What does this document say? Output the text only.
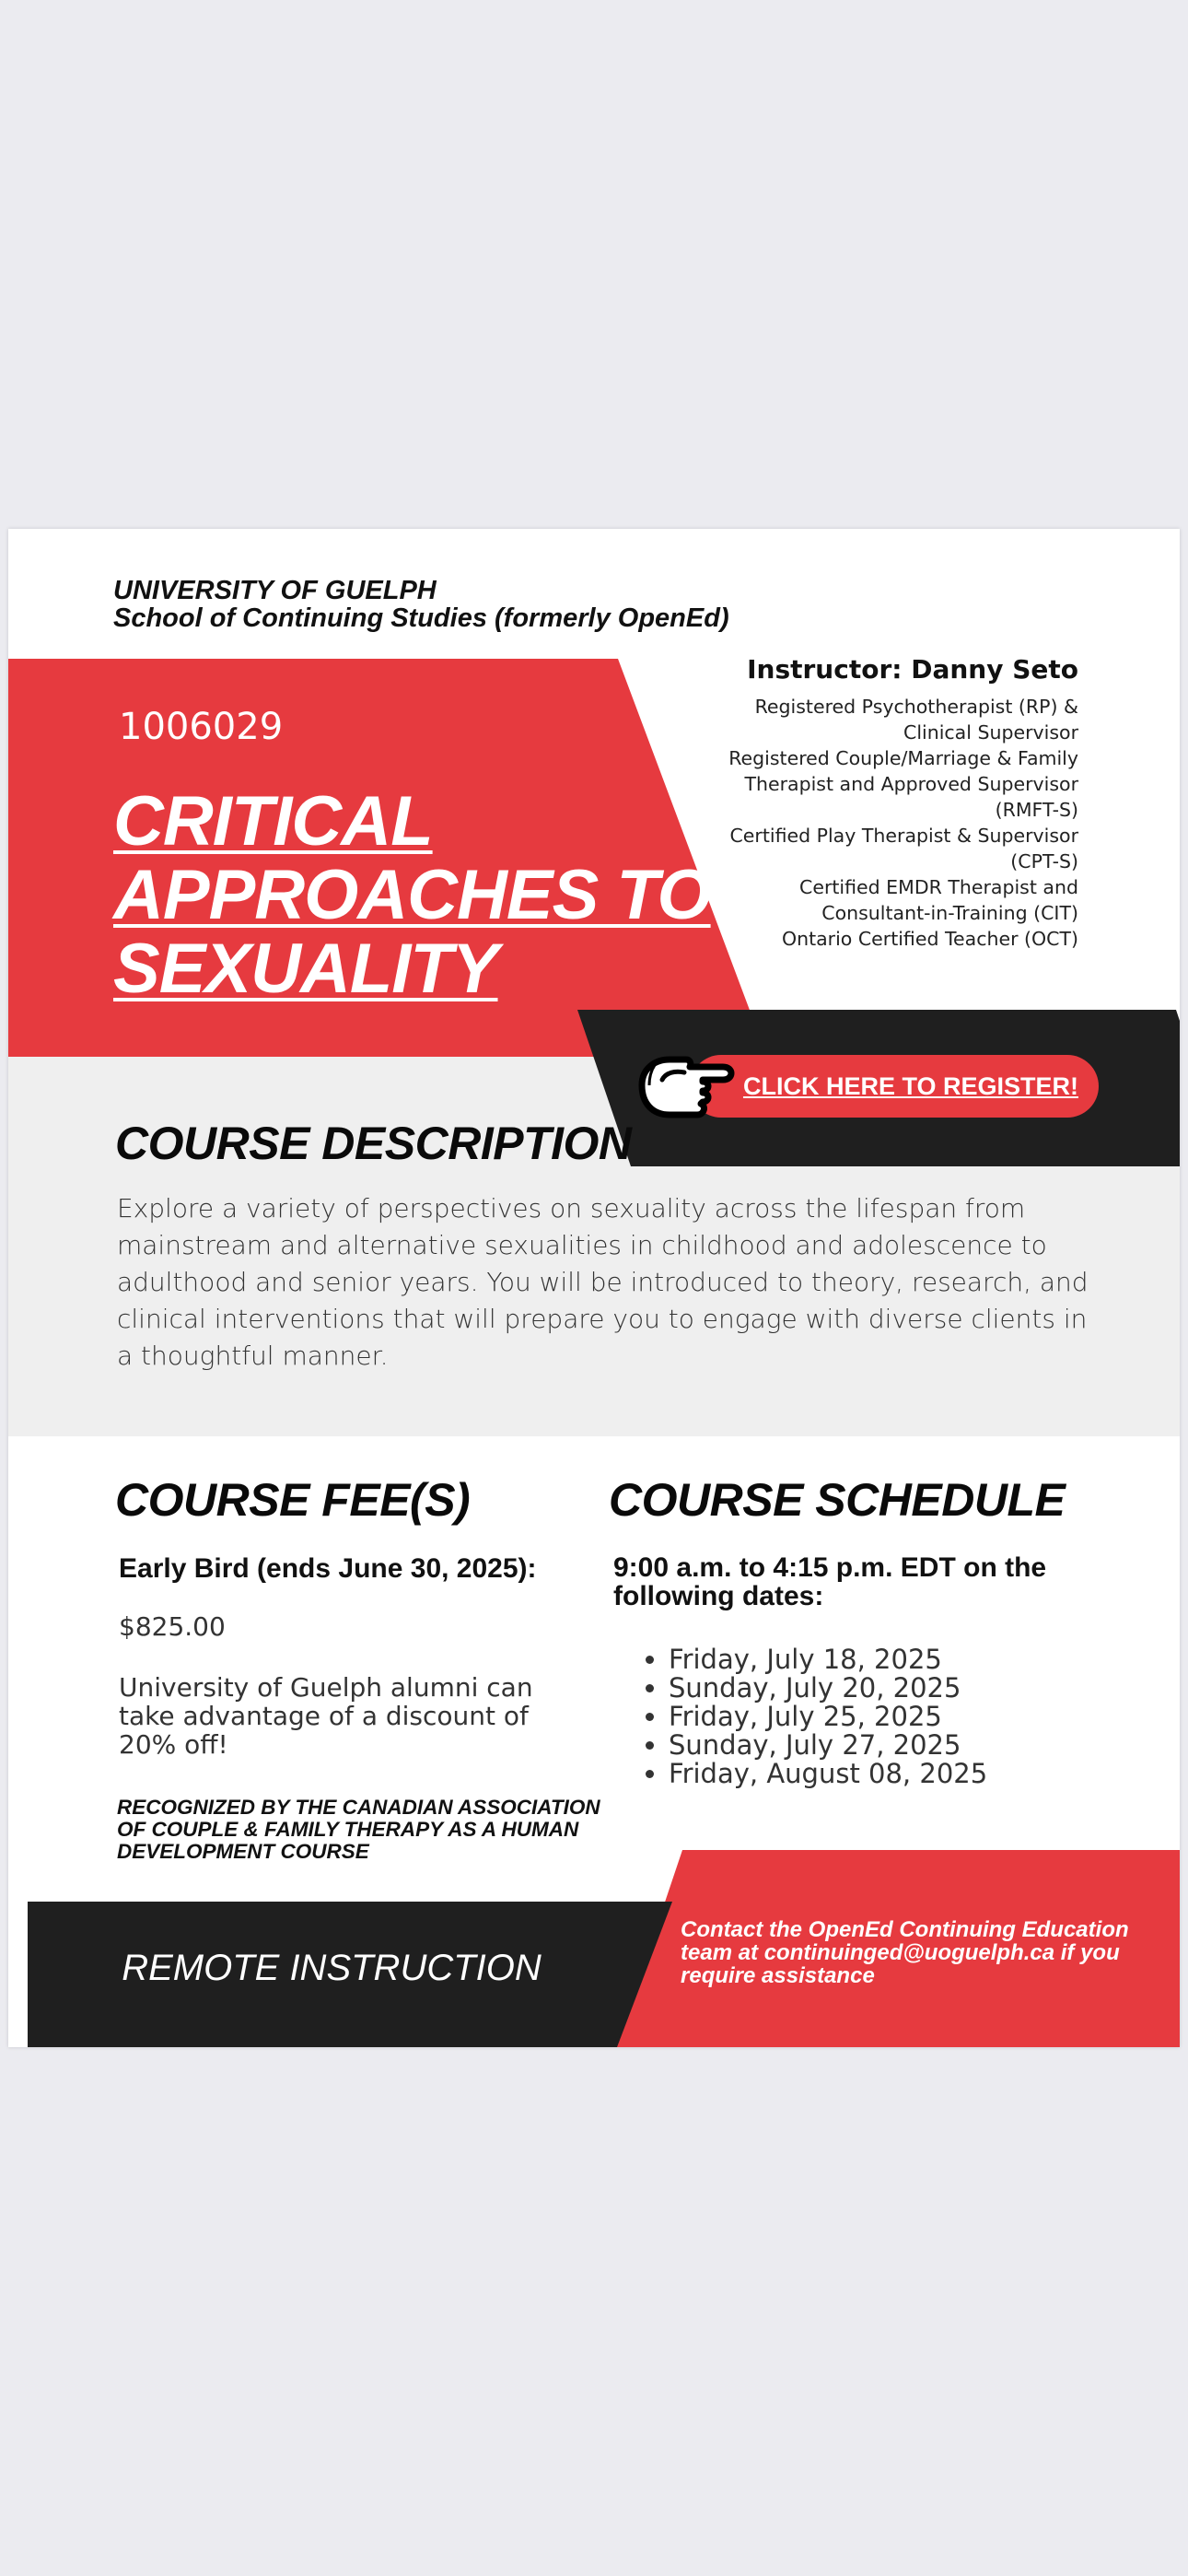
UNIVERSITY OF GUELPH
School of Continuing Studies (formerly OpenEd)
1006029
CRITICAL
APPROACHES TO
SEXUALITY
Instructor: Danny Seto
Registered Psychotherapist (RP) &
Clinical Supervisor
Registered Couple/Marriage & Family
Therapist and Approved Supervisor
(RMFT-S)
Certified Play Therapist & Supervisor
(CPT-S)
Certified EMDR Therapist and
Consultant-in-Training (CIT)
Ontario Certified Teacher (OCT)
CLICK HERE TO REGISTER!
COURSE DESCRIPTION
Explore a variety of perspectives on sexuality across the lifespan from mainstream and alternative sexualities in childhood and adolescence to adulthood and senior years. You will be introduced to theory, research, and clinical interventions that will prepare you to engage with diverse clients in a thoughtful manner.
COURSE FEE(S)
Early Bird (ends June 30, 2025):
$825.00
University of Guelph alumni can
take advantage of a discount of
20% off!
RECOGNIZED BY THE CANADIAN ASSOCIATION
OF COUPLE & FAMILY THERAPY AS A HUMAN
DEVELOPMENT COURSE
COURSE SCHEDULE
9:00 a.m. to 4:15 p.m. EDT on the
following dates:
• Friday, July 18, 2025
• Sunday, July 20, 2025
• Friday, July 25, 2025
• Sunday, July 27, 2025
• Friday, August 08, 2025
REMOTE INSTRUCTION
Contact the OpenEd Continuing Education
team at continuinged@uoguelph.ca if you
require assistance
